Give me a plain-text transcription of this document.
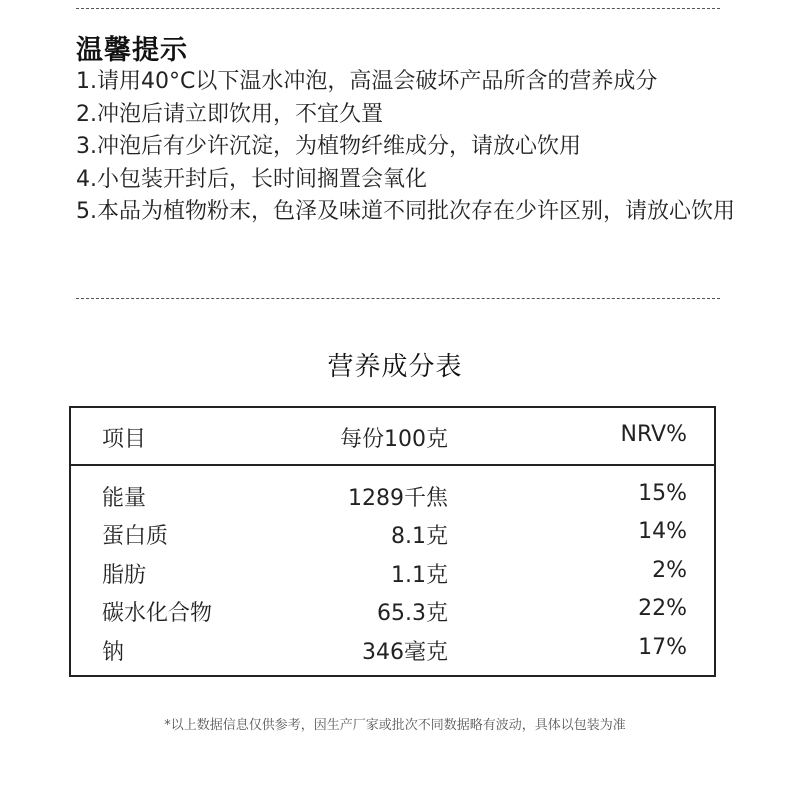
温馨提示
1.请用40°C以下温水冲泡，高温会破坏产品所含的营养成分
2.冲泡后请立即饮用，不宜久置
3.冲泡后有少许沉淀，为植物纤维成分，请放心饮用
4.小包装开封后，长时间搁置会氧化
5.本品为植物粉末，色泽及味道不同批次存在少许区别，请放心饮用
营养成分表
项目	每份100克	NRV%
能量	1289千焦	15%
蛋白质	8.1克	14%
脂肪	1.1克	2%
碳水化合物	65.3克	22%
钠	346毫克	17%
*以上数据信息仅供参考，因生产厂家或批次不同数据略有波动，具体以包装为准
